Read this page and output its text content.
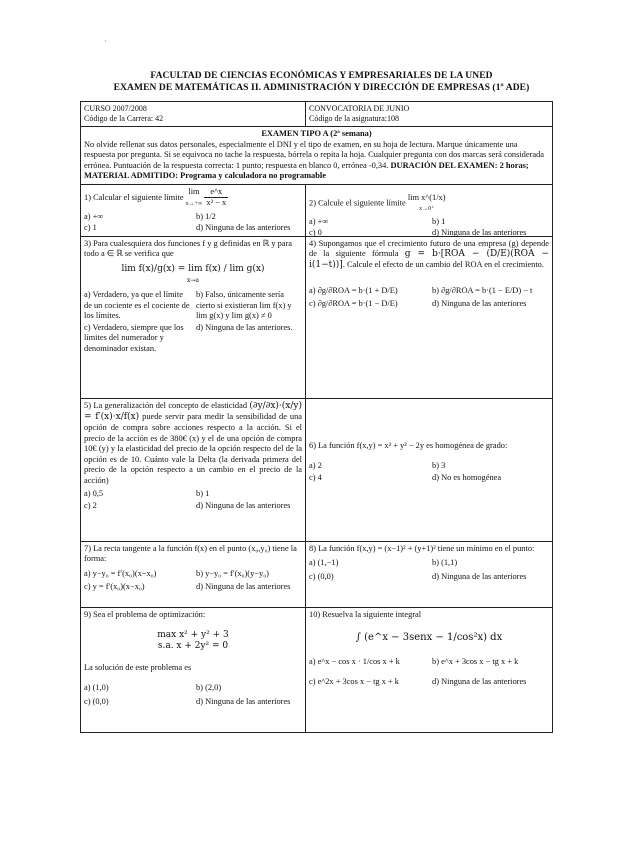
·
FACULTAD DE CIENCIAS ECONÓMICAS Y EMPRESARIALES DE LA UNED
EXAMEN DE MATEMÁTICAS II. ADMINISTRACIÓN Y DIRECCIÓN DE EMPRESAS (1º ADE)
CURSO 2007/2008
Código de la Carrera: 42
CONVOCATORIA DE JUNIO
Código de la asignatura:108
EXAMEN TIPO A (2ª semana)
No olvide rellenar sus datos personales, especialmente el DNI y el tipo de examen, en su hoja de lectura. Marque únicamente una respuesta por pregunta. Si se equivoca no tache la respuesta, bórrela o repita la hoja. Cualquier pregunta con dos marcas será considerada errónea. Puntuación de la respuesta correcta: 1 punto; respuesta en blanco 0, errónea -0,34. DURACIÓN DEL EXAMEN: 2 horas; MATERIAL ADMITIDO: Programa y calculadora no programable
1) Calcular el siguiente límite lim
$x\to+\infty \frac{e\^{}x}{\text{x² − x}}$
a) +∞	b) 1/2
c) 1	d) Ninguna de las anteriores
2) Calcule el siguiente límite lim x^(1/x)
x→0⁺
a) +∞	b) 1
c) 0	d) Ninguna de las anteriores
3) Para cualesquiera dos funciones f y g definidas en ℝ y para todo a ∈ ℝ se verifica que
lim f(x)/g(x) = lim f(x) / lim g(x)
x→a
a) Verdadero, ya que el límite de un cociente es el cociente de los límites.
b) Falso, únicamente sería cierto si existieran lim f(x) y lim g(x) y lim g(x) ≠ 0
c) Verdadero, siempre que los límites del numerador y denominador existan.
d) Ninguna de las anteriores.
4) Supongamos que el crecimiento futuro de una empresa (g) depende de la siguiente fórmula g = b·[ROA − (D/E)(ROA − i(1−t))]. Calcule el efecto de un cambio del ROA en el crecimiento.
a) ∂g/∂ROA = b·(1 + D/E)	b) ∂g/∂ROA = b·(1 − E/D) − t
c) ∂g/∂ROA = b·(1 − D/E)	d) Ninguna de las anteriores
5) La generalización del concepto de elasticidad (∂y/∂x)·(x/y) = f′(x)·x/f(x) puede servir para medir la sensibilidad de una opción de compra sobre acciones respecto a la acción. Si el precio de la acción es de 380€ (x) y el de una opción de compra 10€ (y) y la elasticidad del precio de la opción respecto del de la opción es de 10. Cuánto vale la Delta (la derivada primera del precio de la opción respecto a un cambio en el precio de la acción)
a) 0,5	b) 1
c) 2	d) Ninguna de las anteriores
6) La función f(x,y) = x² + y² − 2y es homogénea de grado:
a) 2	b) 3
c) 4	d) No es homogénea
7) La recta tangente a la función f(x) en el punto (x₀,y₀) tiene la forma:
a) y−y₀ = f′(x₀)(x−x₀)	b) y−y₀ = f′(x₀)(y−y₀)
c) y = f′(x₀)(x−x₀)	d) Ninguna de las anteriores
8) La función f(x,y) = (x−1)² + (y+1)² tiene un mínimo en el punto:
a) (1,−1)	b) (1,1)
c) (0,0)	d) Ninguna de las anteriores
9) Sea el problema de optimización:
max x² + y² + 3
s.a. x + 2y² = 0
La solución de este problema es
a) (1,0)	b) (2,0)
c) (0,0)	d) Ninguna de las anteriores
10) Resuelva la siguiente integral
∫ (e^x − 3senx − 1/cos²x) dx
a) e^x − cos x · 1/cos x + k	b) e^x + 3cos x − tg x + k
c) e^2x + 3cos x − tg x + k	d) Ninguna de las anteriores
